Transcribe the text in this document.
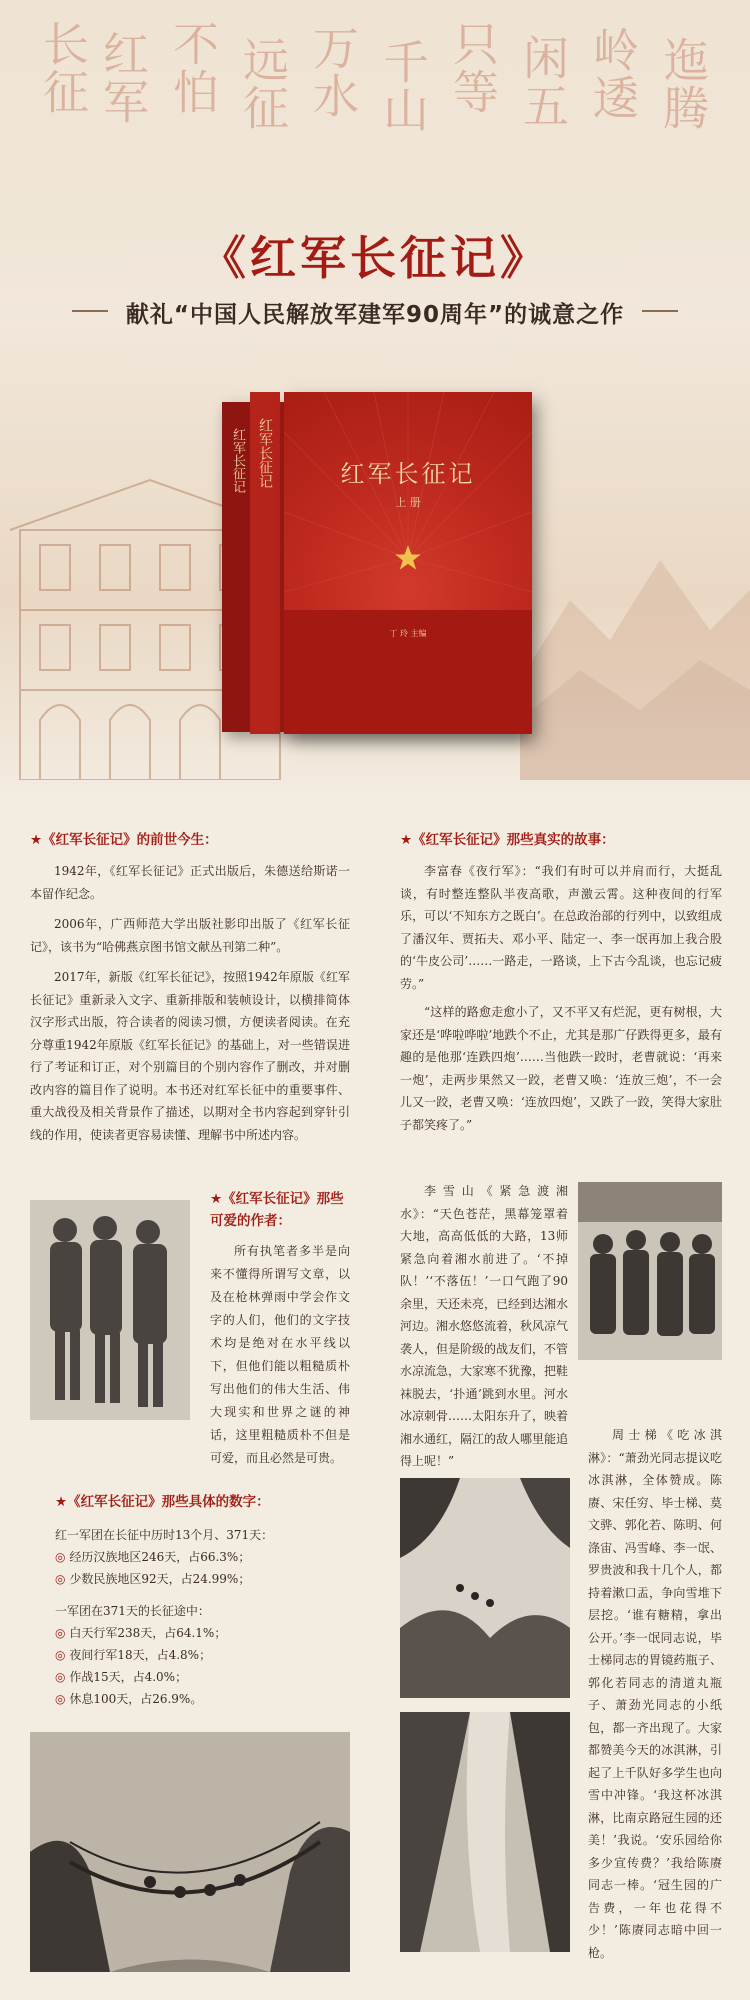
长征 红军 不怕 远征 万水 千山 只等 闲五 岭逶 迤腾
《红军长征记》
献礼“中国人民解放军建军90周年”的诚意之作
红军长征记 红军长征记	红军长征记
上 册
丁 玲 主编
★《红军长征记》的前世今生：

1942年，《红军长征记》正式出版后，朱德送给斯诺一本留作纪念。

2006年，广西师范大学出版社影印出版了《红军长征记》，该书为“哈佛燕京图书馆文献丛刊第二种”。

2017年，新版《红军长征记》，按照1942年原版《红军长征记》重新录入文字、重新排版和装帧设计，以横排简体汉字形式出版，符合读者的阅读习惯，方便读者阅读。在充分尊重1942年原版《红军长征记》的基础上，对一些错误进行了考证和订正，对个别篇目的个别内容作了删改，并对删改内容的篇目作了说明。本书还对红军长征中的重要事件、重大战役及相关背景作了描述，以期对全书内容起到穿针引线的作用，使读者更容易读懂、理解书中所述内容。

★《红军长征记》那些可爱的作者：

所有执笔者多半是向来不懂得所谓写文章，以及在枪林弹雨中学会作文字的人们，他们的文字技术均是绝对在水平线以下，但他们能以粗糙质朴写出他们的伟大生活、伟大现实和世界之谜的神话，这里粗糙质朴不但是可爱，而且必然是可贵。

★《红军长征记》那些具体的数字：
红一军团在长征中历时13个月、371天：
◎ 经历汉族地区246天，占66.3%；
◎ 少数民族地区92天，占24.99%；
一军团在371天的长征途中：
◎ 白天行军238天，占64.1%；
◎ 夜间行军18天，占4.8%；
◎ 作战15天，占4.0%；
◎ 休息100天，占26.9%。
★《红军长征记》那些真实的故事：

李富春《夜行军》：“我们有时可以并肩而行，大挺乱谈，有时整连整队半夜高歌，声激云霄。这种夜间的行军乐，可以‘不知东方之既白’。在总政治部的行列中，以致组成了潘汉年、贾拓夫、邓小平、陆定一、李一氓再加上我合股的‘牛皮公司’……一路走，一路谈，上下古今乱谈，也忘记疲劳。”

“这样的路愈走愈小了，又不平又有烂泥，更有树根，大家还是‘哗啦哗啦’地跌个不止，尤其是那广仔跌得更多，最有趣的是他那‘连跌四炮’……当他跌一跤时，老曹就说：‘再来一炮’，走两步果然又一跤，老曹又唤：‘连放三炮’，不一会儿又一跤，老曹又唤：‘连放四炮’，又跌了一跤，笑得大家肚子都笑疼了。”

李雪山《紧急渡湘水》：“天色苍茫，黑幕笼罩着大地，高高低低的大路，13师紧急向着湘水前进了。‘不掉队！’‘不落伍！’一口气跑了90余里，天还未亮，已经到达湘水河边。湘水悠悠流着，秋风凉气袭人，但是阶级的战友们，不管水凉流急，大家寒不犹豫，把鞋袜脱去，‘扑通’跳到水里。河水冰凉刺骨……太阳东升了，映着湘水通红，隔江的敌人哪里能追得上呢！”

周士梯《吃冰淇淋》：“萧劲光同志提议吃冰淇淋，全体赞成。陈赓、宋任穷、毕士梯、莫文骅、郭化若、陈明、何涤宙、冯雪峰、李一氓、罗贵波和我十几个人，都持着漱口盂，争向雪堆下层挖。‘谁有糖精，拿出公开。’李一氓同志说，毕士梯同志的胃镜药瓶子、郭化若同志的清道丸瓶子、萧劲光同志的小纸包，都一齐出现了。大家都赞美今天的冰淇淋，引起了上千队好多学生也向雪中冲锋。‘我这杯冰淇淋，比南京路冠生园的还美！’我说。‘安乐园给你多少宣传费？’我给陈赓同志一棒。‘冠生园的广告费，一年也花得不少！’陈赓同志暗中回一枪。
